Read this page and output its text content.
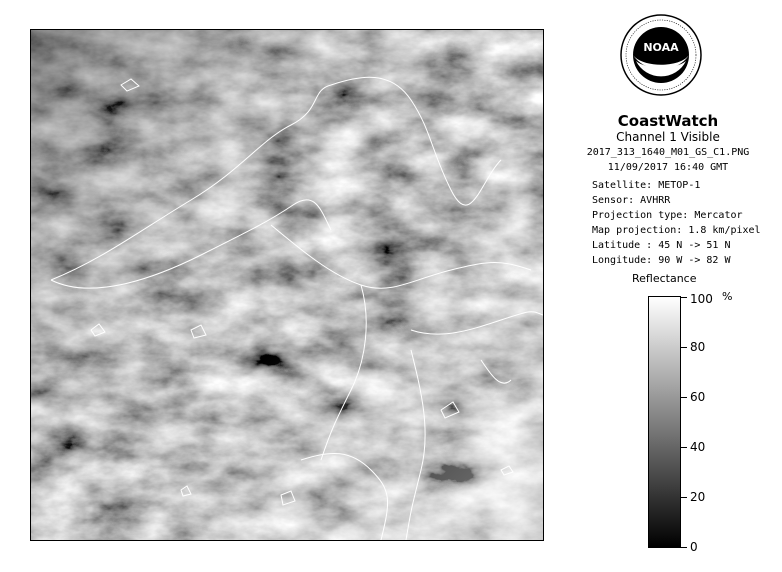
NOAA
CoastWatch
Channel 1 Visible
2017_313_1640_M01_GS_C1.PNG
11/09/2017 16:40 GMT
Satellite: METOP-1
Sensor: AVHRR
Projection type: Mercator
Map projection: 1.8 km/pixel
Latitude : 45 N -> 51 N
Longitude: 90 W -> 82 W
Reflectance
%
100
80
60
40
20
0
